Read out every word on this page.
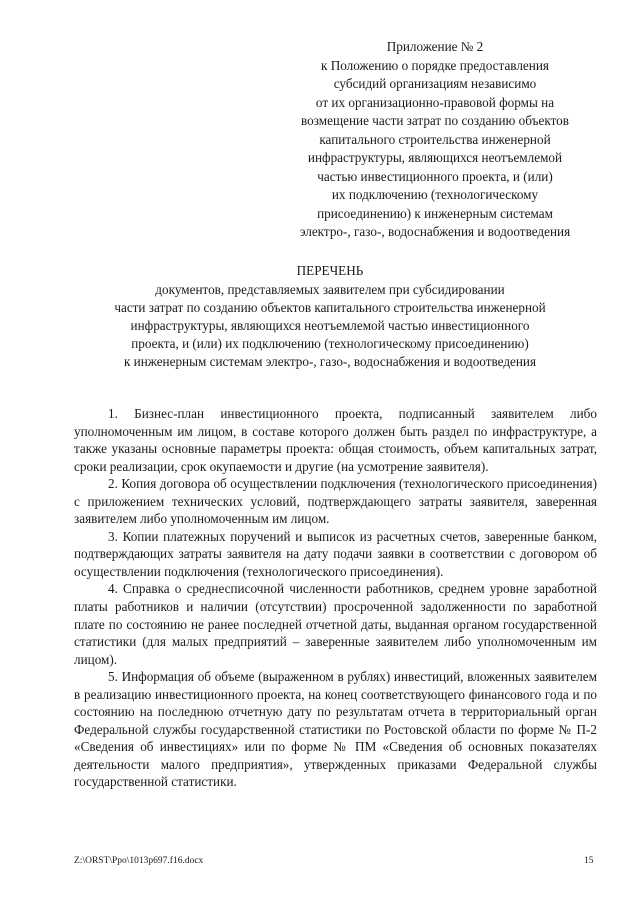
Приложение № 2
к Положению о порядке предоставления
субсидий организациям независимо
от их организационно-правовой формы на
возмещение части затрат по созданию объектов
капитального строительства инженерной
инфраструктуры, являющихся неотъемлемой
частью инвестиционного проекта, и (или)
их подключению (технологическому
присоединению) к инженерным системам
электро-, газо-, водоснабжения и водоотведения
ПЕРЕЧЕНЬ
документов, представляемых заявителем при субсидировании
части затрат по созданию объектов капитального строительства инженерной
инфраструктуры, являющихся неотъемлемой частью инвестиционного
проекта, и (или) их подключению (технологическому присоединению)
к инженерным системам электро-, газо-, водоснабжения и водоотведения

1. Бизнес-план инвестиционного проекта, подписанный заявителем либо уполномоченным им лицом, в составе которого должен быть раздел по инфраструктуре, а также указаны основные параметры проекта: общая стоимость, объем капитальных затрат, сроки реализации, срок окупаемости и другие (на усмотрение заявителя).

2. Копия договора об осуществлении подключения (технологического присоединения) с приложением технических условий, подтверждающего затраты заявителя, заверенная заявителем либо уполномоченным им лицом.

3. Копии платежных поручений и выписок из расчетных счетов, заверенные банком, подтверждающих затраты заявителя на дату подачи заявки в соответствии с договором об осуществлении подключения (технологического присоединения).

4. Справка о среднесписочной численности работников, среднем уровне заработной платы работников и наличии (отсутствии) просроченной задолженности по заработной плате по состоянию не ранее последней отчетной даты, выданная органом государственной статистики (для малых предприятий – заверенные заявителем либо уполномоченным им лицом).

5. Информация об объеме (выраженном в рублях) инвестиций, вложенных заявителем в реализацию инвестиционного проекта, на конец соответствующего финансового года и по состоянию на последнюю отчетную дату по результатам отчета в территориальный орган Федеральной службы государственной статистики по Ростовской области по форме № П-2 «Сведения об инвестициях» или по форме № ПМ «Сведения об основных показателях деятельности малого предприятия», утвержденных приказами Федеральной службы государственной статистики.

Z:\ORST\Ppo\1013p697.f16.docx	15
